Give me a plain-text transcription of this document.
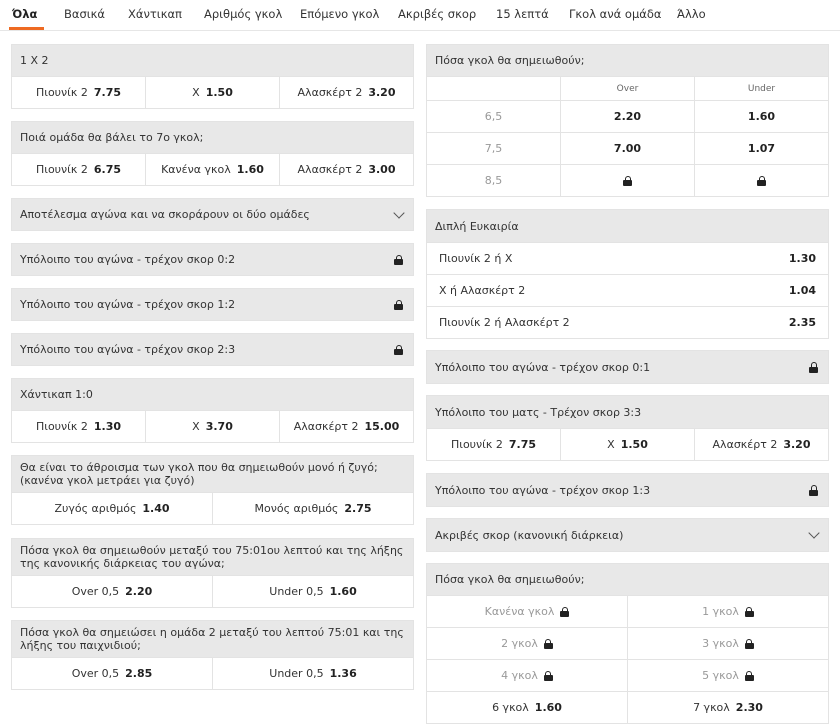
Όλα Βασικά Χάντικαπ Αριθμός γκολ Επόμενο γκολ Ακριβές σκορ 15 λεπτά Γκολ ανά ομάδα Άλλο
1 X 2
Πιουνίκ 2 7.75	Χ 1.50	Αλασκέρτ 2 3.20
Ποιά ομάδα θα βάλει το 7ο γκολ;
Πιουνίκ 2 6.75	Κανένα γκολ 1.60	Αλασκέρτ 2 3.00
Αποτέλεσμα αγώνα και να σκοράρουν οι δύο ομάδες
Υπόλοιπο του αγώνα - τρέχον σκορ 0:2
Υπόλοιπο του αγώνα - τρέχον σκορ 1:2
Υπόλοιπο του αγώνα - τρέχον σκορ 2:3
Χάντικαπ 1:0
Πιουνίκ 2 1.30	Χ 3.70	Αλασκέρτ 2 15.00
Θα είναι το άθροισμα των γκολ που θα σημειωθούν μονό ή ζυγό; (κανένα γκολ μετράει για ζυγό)
Ζυγός αριθμός 1.40	Μονός αριθμός 2.75
Πόσα γκολ θα σημειωθούν μεταξύ του 75:01ου λεπτού και της λήξης της κανονικής διάρκειας του αγώνα;
Over 0,5 2.20	Under 0,5 1.60
Πόσα γκολ θα σημειώσει η ομάδα 2 μεταξύ του λεπτού 75:01 και της λήξης του παιχνιδιού;
Over 0,5 2.85	Under 0,5 1.36
Πόσα γκολ θα σημειωθούν;
Over	Under
6,5	2.20	1.60
7,5	7.00	1.07
8,5
Διπλή Ευκαιρία
Πιουνίκ 2 ή Χ	1.30
Χ ή Αλασκέρτ 2	1.04
Πιουνίκ 2 ή Αλασκέρτ 2	2.35
Υπόλοιπο του αγώνα - τρέχον σκορ 0:1
Υπόλοιπο του ματς - Τρέχον σκορ 3:3
Πιουνίκ 2 7.75	Χ 1.50	Αλασκέρτ 2 3.20
Υπόλοιπο του αγώνα - τρέχον σκορ 1:3
Ακριβές σκορ (κανονική διάρκεια)
Πόσα γκολ θα σημειωθούν;
Κανένα γκολ	1 γκολ
2 γκολ	3 γκολ
4 γκολ	5 γκολ
6 γκολ 1.60	7 γκολ 2.30
